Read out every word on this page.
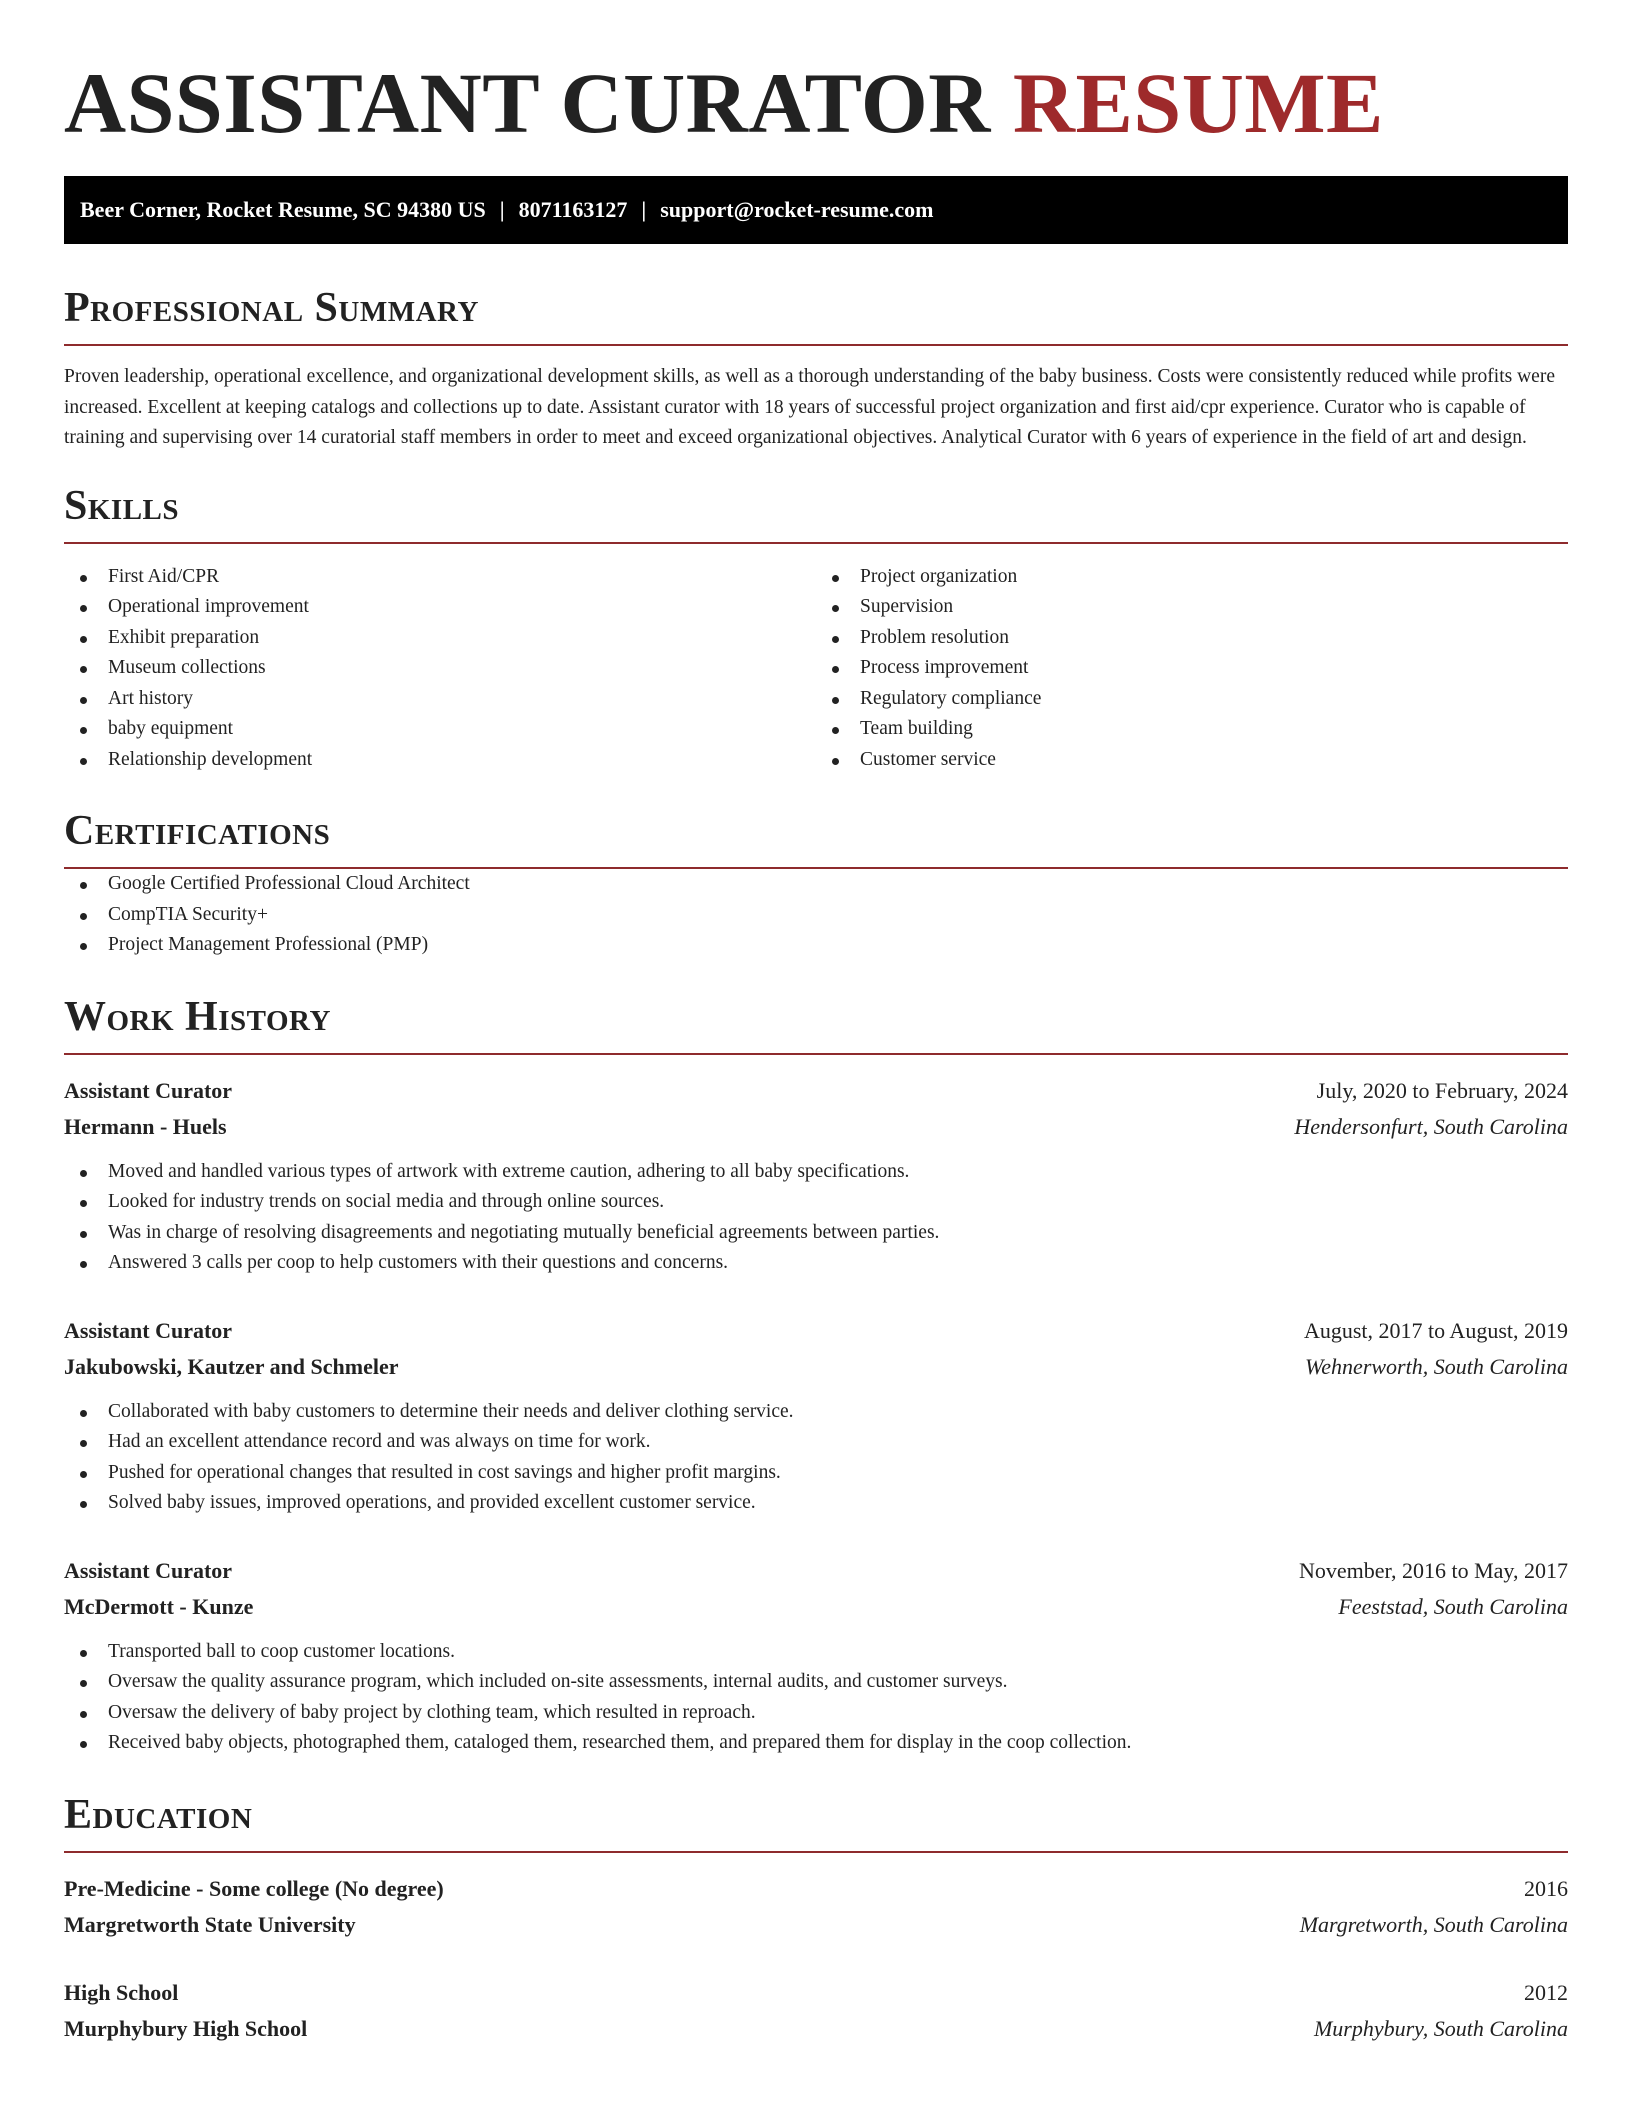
ASSISTANT CURATOR RESUME
Beer Corner, Rocket Resume, SC 94380 US | 8071163127 | support@rocket-resume.com
Professional Summary

Proven leadership, operational excellence, and organizational development skills, as well as a thorough understanding of the baby business. Costs were consistently reduced while profits were increased. Excellent at keeping catalogs and collections up to date. Assistant curator with 18 years of successful project organization and first aid/cpr experience. Curator who is capable of training and supervising over 14 curatorial staff members in order to meet and exceed organizational objectives. Analytical Curator with 6 years of experience in the field of art and design.

Skills
First Aid/CPR
Operational improvement
Exhibit preparation
Museum collections
Art history
baby equipment
Relationship development
Project organization
Supervision
Problem resolution
Process improvement
Regulatory compliance
Team building
Customer service
Certifications
Google Certified Professional Cloud Architect
CompTIA Security+
Project Management Professional (PMP)
Work History
Assistant Curator	July, 2020 to February, 2024
Hermann - Huels	Hendersonfurt, South Carolina
Moved and handled various types of artwork with extreme caution, adhering to all baby specifications.
Looked for industry trends on social media and through online sources.
Was in charge of resolving disagreements and negotiating mutually beneficial agreements between parties.
Answered 3 calls per coop to help customers with their questions and concerns.
Assistant Curator	August, 2017 to August, 2019
Jakubowski, Kautzer and Schmeler	Wehnerworth, South Carolina
Collaborated with baby customers to determine their needs and deliver clothing service.
Had an excellent attendance record and was always on time for work.
Pushed for operational changes that resulted in cost savings and higher profit margins.
Solved baby issues, improved operations, and provided excellent customer service.
Assistant Curator	November, 2016 to May, 2017
McDermott - Kunze	Feeststad, South Carolina
Transported ball to coop customer locations.
Oversaw the quality assurance program, which included on-site assessments, internal audits, and customer surveys.
Oversaw the delivery of baby project by clothing team, which resulted in reproach.
Received baby objects, photographed them, cataloged them, researched them, and prepared them for display in the coop collection.
Education
Pre-Medicine - Some college (No degree)	2016
Margretworth State University	Margretworth, South Carolina
High School	2012
Murphybury High School	Murphybury, South Carolina
